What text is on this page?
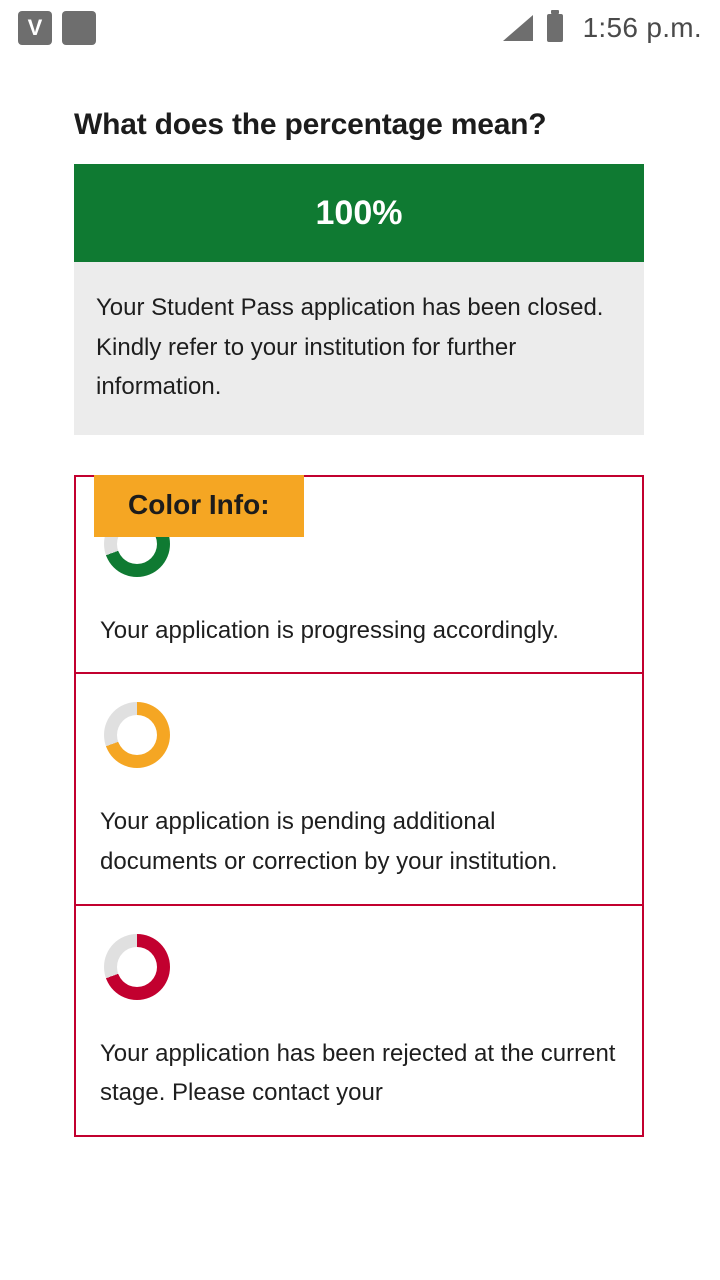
V	1:56 p.m.
What does the percentage mean?
100%
Your Student Pass application has been closed. Kindly refer to your institution for further information.
Color Info:
Your application is progressing accordingly.
Your application is pending additional documents or correction by your institution.
Your application has been rejected at the current stage. Please contact your
